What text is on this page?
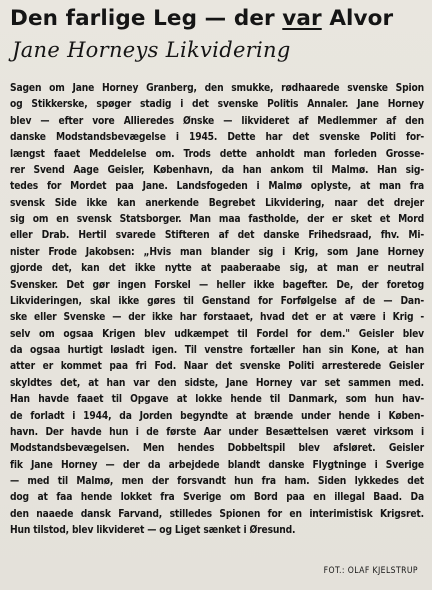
Den farlige Leg — der var Alvor
Jane Horneys Likvidering
Sagen om Jane Horney Granberg, den smukke, rødhaarede svenske Spion
og Stikkerske, spøger stadig i det svenske Politis Annaler. Jane Horney
blev — efter vore Allieredes Ønske — likvideret af Medlemmer af den
danske Modstandsbevægelse i 1945. Dette har det svenske Politi for-
længst faaet Meddelelse om. Trods dette anholdt man forleden Grosse-
rer Svend Aage Geisler, København, da han ankom til Malmø. Han sig-
tedes for Mordet paa Jane. Landsfogeden i Malmø oplyste, at man fra
svensk Side ikke kan anerkende Begrebet Likvidering, naar det drejer
sig om en svensk Statsborger. Man maa fastholde, der er sket et Mord
eller Drab. Hertil svarede Stifteren af det danske Frihedsraad, fhv. Mi-
nister Frode Jakobsen: „Hvis man blander sig i Krig, som Jane Horney
gjorde det, kan det ikke nytte at paaberaabe sig, at man er neutral
Svensker. Det gør ingen Forskel — heller ikke bagefter. De, der foretog
Likvideringen, skal ikke gøres til Genstand for Forfølgelse af de — Dan-
ske eller Svenske — der ikke har forstaaet, hvad det er at være i Krig -
selv om ogsaa Krigen blev udkæmpet til Fordel for dem." Geisler blev
da ogsaa hurtigt løsladt igen. Til venstre fortæller han sin Kone, at han
atter er kommet paa fri Fod. Naar det svenske Politi arresterede Geisler
skyldtes det, at han var den sidste, Jane Horney var set sammen med.
Han havde faaet til Opgave at lokke hende til Danmark, som hun hav-
de forladt i 1944, da Jorden begyndte at brænde under hende i Køben-
havn. Der havde hun i de første Aar under Besættelsen været virksom i
Modstandsbevægelsen. Men hendes Dobbeltspil blev afsløret. Geisler
fik Jane Horney — der da arbejdede blandt danske Flygtninge i Sverige
— med til Malmø, men der forsvandt hun fra ham. Siden lykkedes det
dog at faa hende lokket fra Sverige om Bord paa en illegal Baad. Da
den naaede dansk Farvand, stilledes Spionen for en interimistisk Krigsret.
Hun tilstod, blev likvideret — og Liget sænket i Øresund.
FOT.: OLAF KJELSTRUP
